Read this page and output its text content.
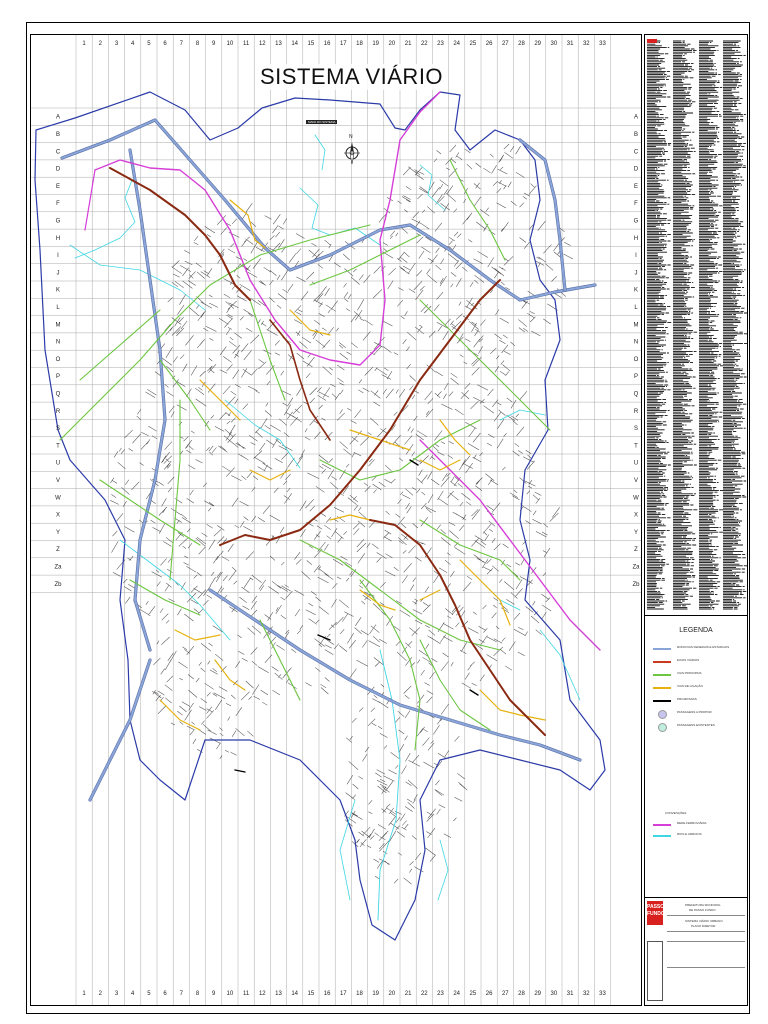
1
1
2
2
3
3
4
4
5
5
6
6
7
7
8
8
9
9
10
10
11
11
12
12
13
13
14
14
15
15
16
16
17
17
18
18
19
19
20
20
21
21
22
22
23
23
24
24
25
25
26
26
27
27
28
28
29
29
30
30
31
31
32
32
33
33
A	A
B	B
C	C
D	D
E	E
F	F
G	G
H	H
I	I
J	J
K	K
L	L
M	M
N	N
O	O
P	P
Q	Q
R	R
S	S
T	T
U	U
V	V
W	W
X	X
Y	Y
Z	Z
Za	Za
Zb	Zb
SISTEMA VIÁRIO
MAPA DO SISTEMA
N
LEGENDA
RODOVIAS FEDERAIS E ESTADUAIS
EIXOS VIÁRIOS
VIAS PRINCIPAIS
VIAS DE LIGAÇÃO
PROJETADAS
PASSAGENS A PROPOR
PASSAGENS EXISTENTES
CONVENÇÕES
REDE FERROVIÁRIA
RIOS E ARROIOS
PASSO
FUNDO
PREFEITURA MUNICIPAL
DE PASSO FUNDO
SISTEMA VIÁRIO URBANO
PLANO DIRETOR
